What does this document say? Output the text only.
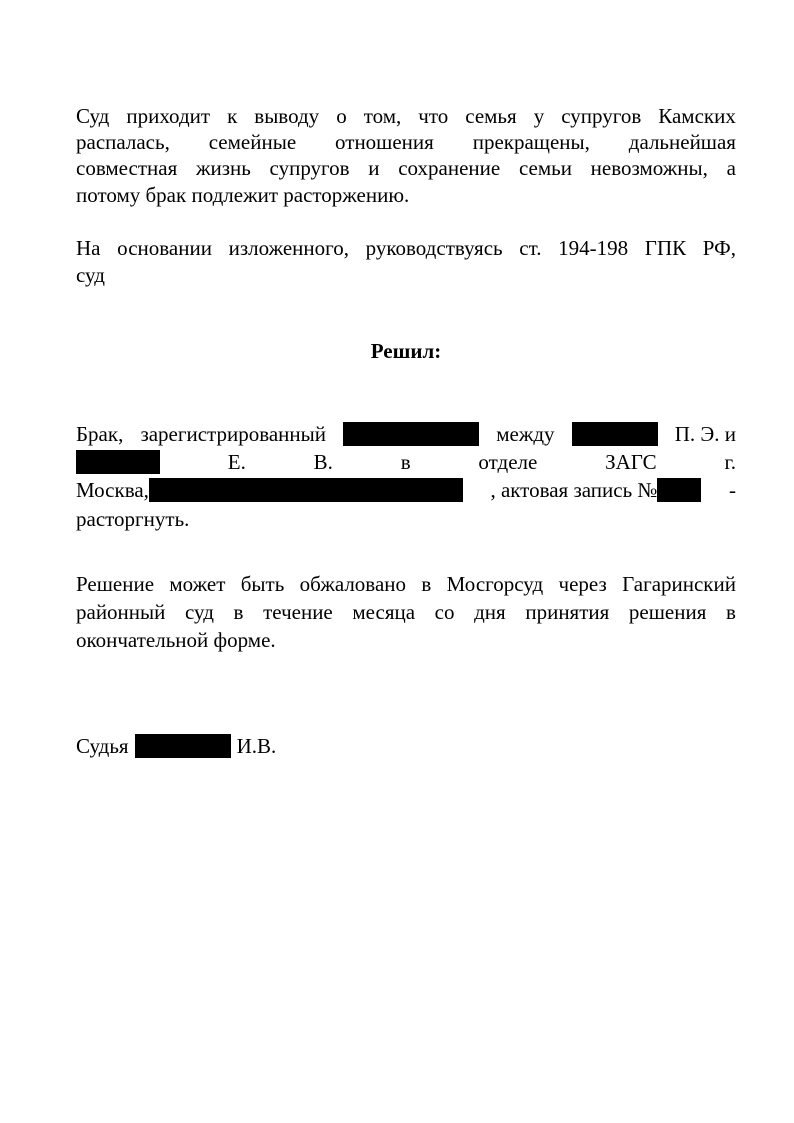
Суд приходит к выводу о том, что семья у супругов Камских
распалась, семейные отношения прекращены, дальнейшая
совместная жизнь супругов и сохранение семьи невозможны, а
потому брак подлежит расторжению.
На основании изложенного, руководствуясь ст. 194-198 ГПК РФ,
суд
Решил:
Брак, зарегистрированный	между	П. Э. и
Е.	В.	в	отделе	ЗАГС	г.
Москва,	, актовая запись №	-
расторгнуть.
Решение может быть обжаловано в Мосгорсуд через Гагаринский
районный суд в течение месяца со дня принятия решения в
окончательной форме.
Судья	И.В.
